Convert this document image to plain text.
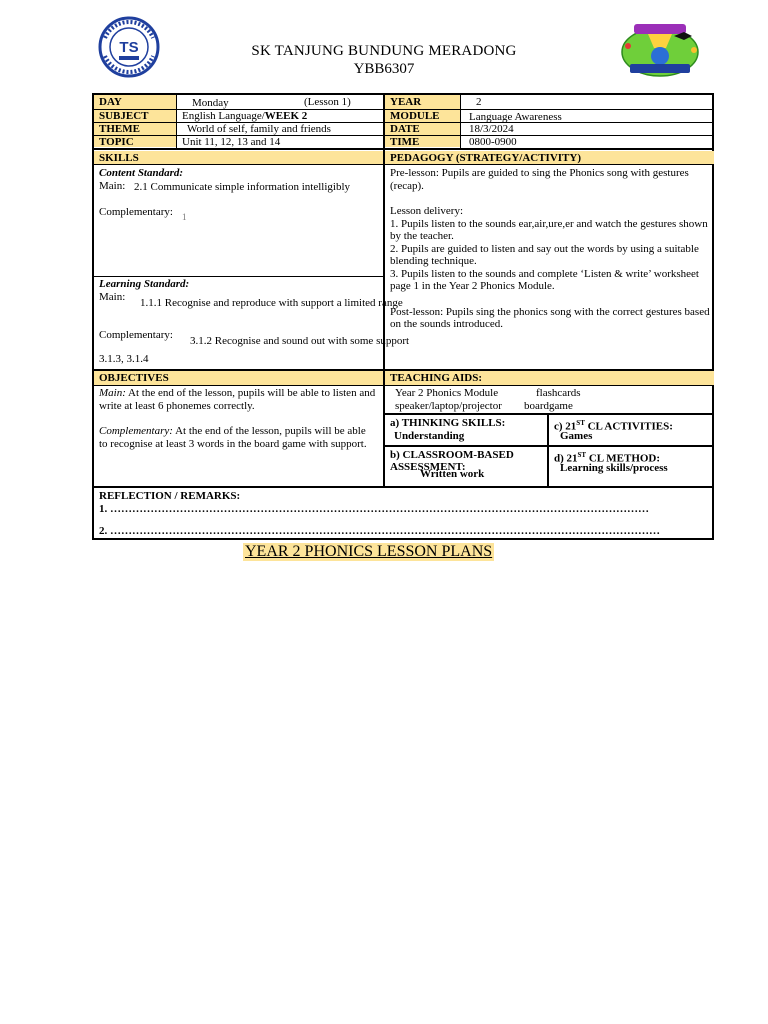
TS	SK TANJUNG BUNDUNG MERADONG
YBB6307
DAY	Monday	(Lesson 1)	YEAR	2
SUBJECT	English Language/WEEK 2	MODULE	Language Awareness
THEME	World of self, family and friends	DATE	18/3/2024
TOPIC	Unit 11, 12, 13 and 14	TIME	0800-0900
SKILLS	PEDAGOGY (STRATEGY/ACTIVITY)
Content Standard:
Main: 2.1 Communicate simple information intelligibly
Complementary: 1
Learning Standard:
Main: 1.1.1 Recognise and reproduce with support a limited range
Complementary: 3.1.2 Recognise and sound out with some support
3.1.3, 3.1.4
Pre-lesson: Pupils are guided to sing the Phonics song with gestures (recap).
Lesson delivery:
1. Pupils listen to the sounds ear,air,ure,er and watch the gestures shown by the teacher.
2. Pupils are guided to listen and say out the words by using a suitable blending technique.
3. Pupils listen to the sounds and complete ‘Listen & write’ worksheet page 1 in the Year 2 Phonics Module.
Post-lesson: Pupils sing the phonics song with the correct gestures based on the sounds introduced.
OBJECTIVES
Main: At the end of the lesson, pupils will be able to listen and write at least 6 phonemes correctly.
Complementary: At the end of the lesson, pupils will be able to recognise at least 3 words in the board game with support.
TEACHING AIDS:
Year 2 Phonics Module	flashcards
speaker/laptop/projector	boardgame
a) THINKING SKILLS:
Understanding
c) 21ST CL ACTIVITIES:
Games
b) CLASSROOM-BASED ASSESSMENT:
Written work
d) 21ST CL METHOD:
Learning skills/process
REFLECTION / REMARKS:
1. …………………………………………………………………………………………………………………………………
2. ……………………………………………………………………………………………………………………………………
YEAR 2 PHONICS LESSON PLANS
